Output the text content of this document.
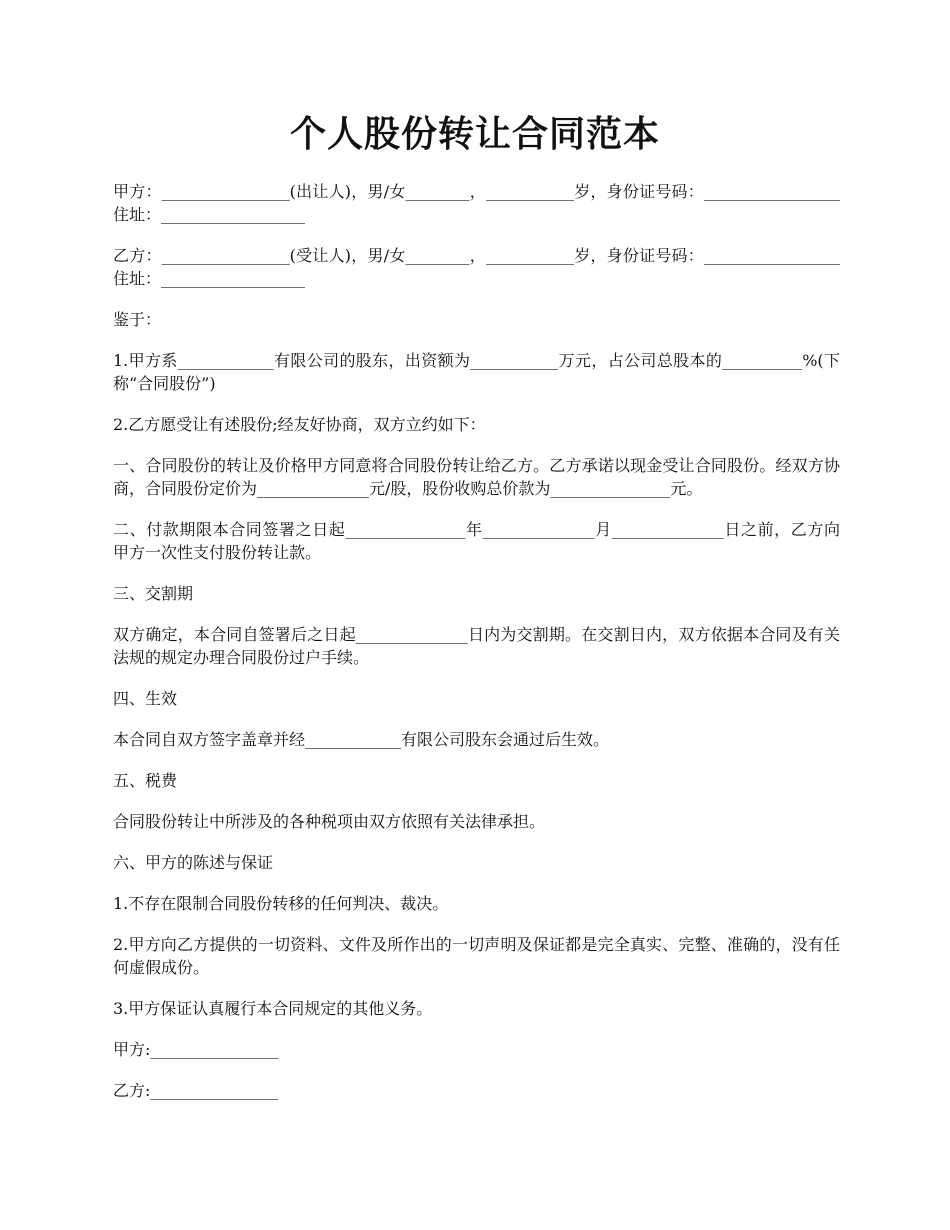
个人股份转让合同范本

甲方：________________(出让人)，男/女________，___________岁，身份证号码：_________________住址：__________________

乙方：________________(受让人)，男/女________，___________岁，身份证号码：_________________住址：__________________

鉴于：

1.甲方系____________有限公司的股东，出资额为___________万元，占公司总股本的__________%(下称“合同股份”)

2.乙方愿受让有述股份;经友好协商，双方立约如下：

一、合同股份的转让及价格甲方同意将合同股份转让给乙方。乙方承诺以现金受让合同股份。经双方协商，合同股份定价为______________元/股，股份收购总价款为_______________元。

二、付款期限本合同签署之日起_______________年______________月______________日之前，乙方向甲方一次性支付股份转让款。

三、交割期

双方确定，本合同自签署后之日起______________日内为交割期。在交割日内，双方依据本合同及有关法规的规定办理合同股份过户手续。

四、生效

本合同自双方签字盖章并经____________有限公司股东会通过后生效。

五、税费

合同股份转让中所涉及的各种税项由双方依照有关法律承担。

六、甲方的陈述与保证

1.不存在限制合同股份转移的任何判决、裁决。

2.甲方向乙方提供的一切资料、文件及所作出的一切声明及保证都是完全真实、完整、准确的，没有任何虚假成份。

3.甲方保证认真履行本合同规定的其他义务。

甲方:________________

乙方:________________
